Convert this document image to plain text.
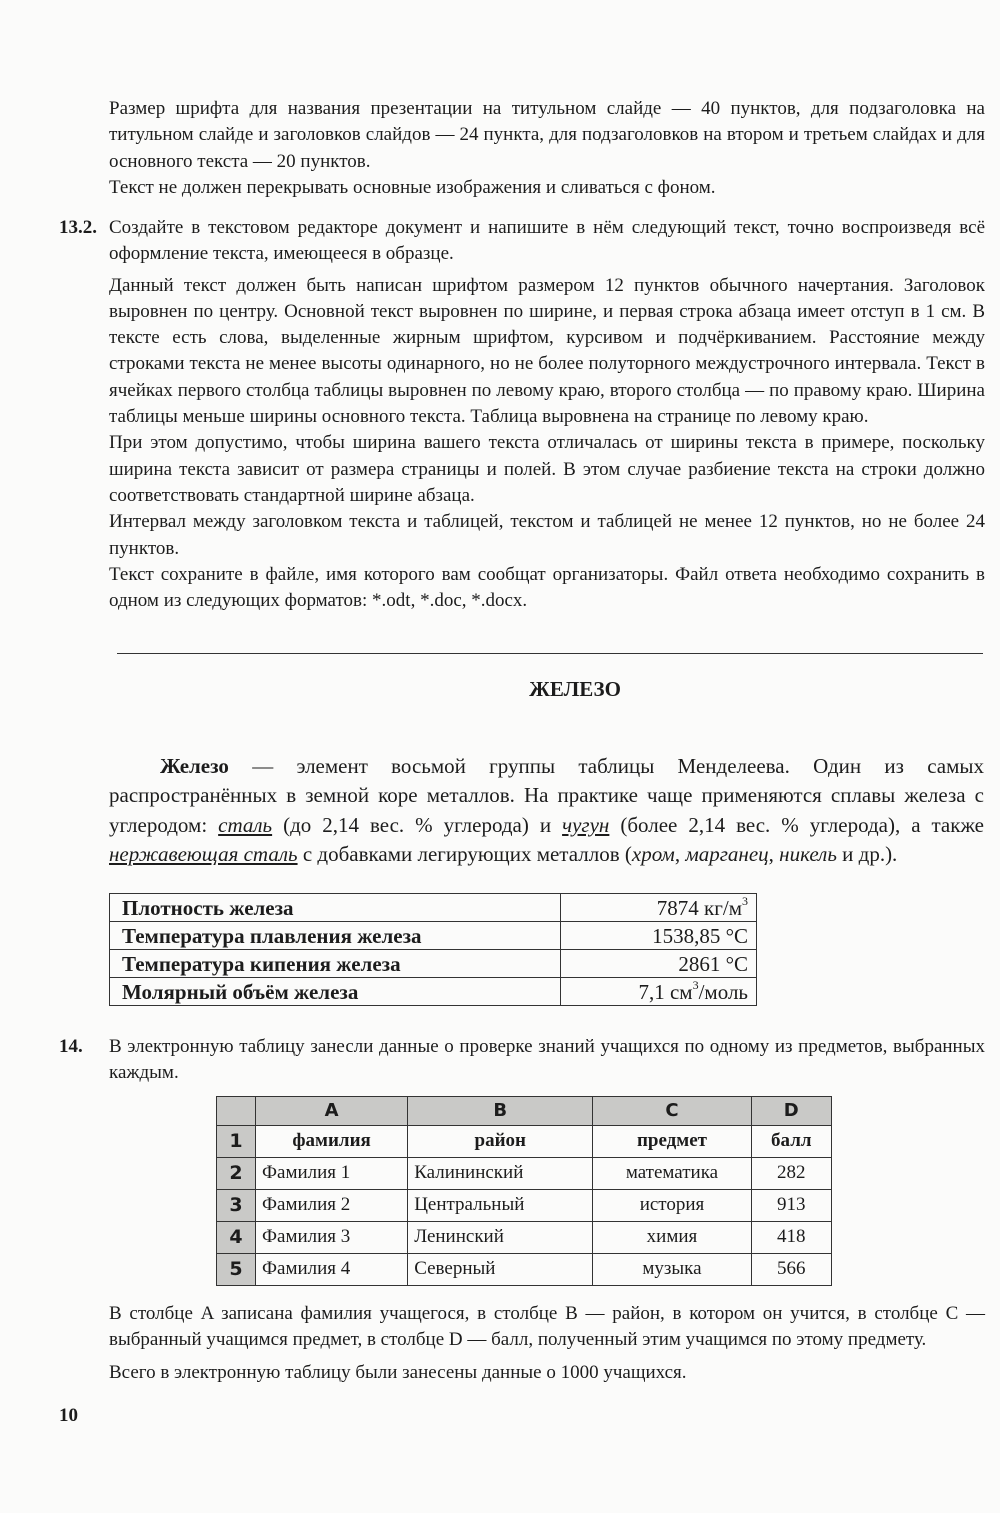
Размер шрифта для названия презентации на титульном слайде — 40 пунктов, для подзаголовка на титульном слайде и заголовков слайдов — 24 пункта, для подзаголовков на втором и третьем слайдах и для основного текста — 20 пунктов.

Текст не должен перекрывать основные изображения и сливаться с фоном.

13.2. Создайте в текстовом редакторе документ и напишите в нём следующий текст, точно воспроизведя всё оформление текста, имеющееся в образце.

Данный текст должен быть написан шрифтом размером 12 пунктов обычного начертания. Заголовок выровнен по центру. Основной текст выровнен по ширине, и первая строка абзаца имеет отступ в 1 см. В тексте есть слова, выделенные жирным шрифтом, курсивом и подчёркиванием. Расстояние между строками текста не менее высоты одинарного, но не более полуторного междустрочного интервала. Текст в ячейках первого столбца таблицы выровнен по левому краю, второго столбца — по правому краю. Ширина таблицы меньше ширины основного текста. Таблица выровнена на странице по левому краю.

При этом допустимо, чтобы ширина вашего текста отличалась от ширины текста в примере, поскольку ширина текста зависит от размера страницы и полей. В этом случае разбиение текста на строки должно соответствовать стандартной ширине абзаца.

Интервал между заголовком текста и таблицей, текстом и таблицей не менее 12 пунктов, но не более 24 пунктов.

Текст сохраните в файле, имя которого вам сообщат организаторы. Файл ответа необходимо сохранить в одном из следующих форматов: *.odt, *.doc, *.docx.

ЖЕЛЕЗО

Железо — элемент восьмой группы таблицы Менделеева. Один из самых распространённых в земной коре металлов. На практике чаще применяются сплавы железа с углеродом: сталь (до 2,14 вес. % углерода) и чугун (более 2,14 вес. % углерода), а также нержавеющая сталь с добавками легирующих металлов (хром, марганец, никель и др.).

Плотность железа	7874 $кг/м^3$
Температура плавления железа	1538,85 °C
Температура кипения железа	2861 °C
Молярный объём железа	7,1 $см^3$/моль
14. В электронную таблицу занесли данные о проверке знаний учащихся по одному из предметов, выбранных каждым.
	A	B	C	D
1	фамилия	район	предмет	балл
2	Фамилия 1	Калининский	математика	282
3	Фамилия 2	Центральный	история	913
4	Фамилия 3	Ленинский	химия	418
5	Фамилия 4	Северный	музыка	566

В столбце A записана фамилия учащегося, в столбце B — район, в котором он учится, в столбце C — выбранный учащимся предмет, в столбце D — балл, полученный этим учащимся по этому предмету.

Всего в электронную таблицу были занесены данные о 1000 учащихся.

10
